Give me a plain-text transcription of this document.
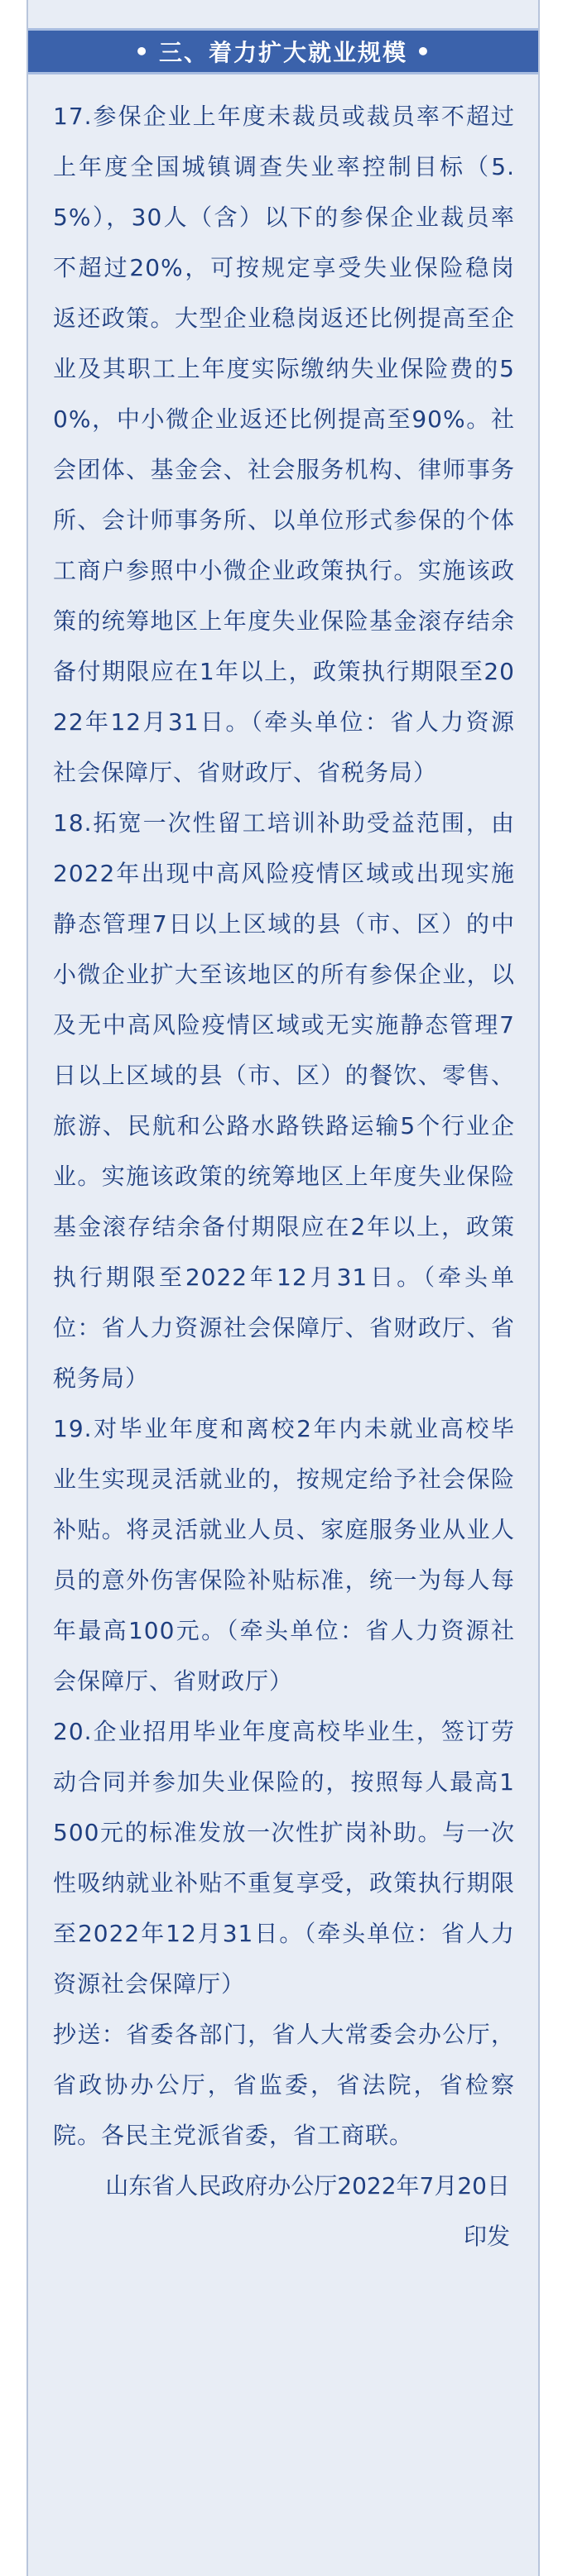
• 三、着力扩大就业规模 •

17.参保企业上年度未裁员或裁员率不超过上年度全国城镇调查失业率控制目标（5.5%），30人（含）以下的参保企业裁员率不超过20%，可按规定享受失业保险稳岗返还政策。大型企业稳岗返还比例提高至企业及其职工上年度实际缴纳失业保险费的50%，中小微企业返还比例提高至90%。社会团体、基金会、社会服务机构、律师事务所、会计师事务所、以单位形式参保的个体工商户参照中小微企业政策执行。实施该政策的统筹地区上年度失业保险基金滚存结余备付期限应在1年以上，政策执行期限至2022年12月31日。（牵头单位：省人力资源社会保障厅、省财政厅、省税务局）

18.拓宽一次性留工培训补助受益范围，由2022年出现中高风险疫情区域或出现实施静态管理7日以上区域的县（市、区）的中小微企业扩大至该地区的所有参保企业，以及无中高风险疫情区域或无实施静态管理7日以上区域的县（市、区）的餐饮、零售、旅游、民航和公路水路铁路运输5个行业企业。实施该政策的统筹地区上年度失业保险基金滚存结余备付期限应在2年以上，政策执行期限至2022年12月31日。（牵头单位：省人力资源社会保障厅、省财政厅、省税务局）

19.对毕业年度和离校2年内未就业高校毕业生实现灵活就业的，按规定给予社会保险补贴。将灵活就业人员、家庭服务业从业人员的意外伤害保险补贴标准，统一为每人每年最高100元。（牵头单位：省人力资源社会保障厅、省财政厅）

20.企业招用毕业年度高校毕业生，签订劳动合同并参加失业保险的，按照每人最高1500元的标准发放一次性扩岗补助。与一次性吸纳就业补贴不重复享受，政策执行期限至2022年12月31日。（牵头单位：省人力资源社会保障厅）

抄送：省委各部门，省人大常委会办公厅，省政协办公厅，省监委，省法院，省检察院。各民主党派省委，省工商联。

山东省人民政府办公厅2022年7月20日

印发
